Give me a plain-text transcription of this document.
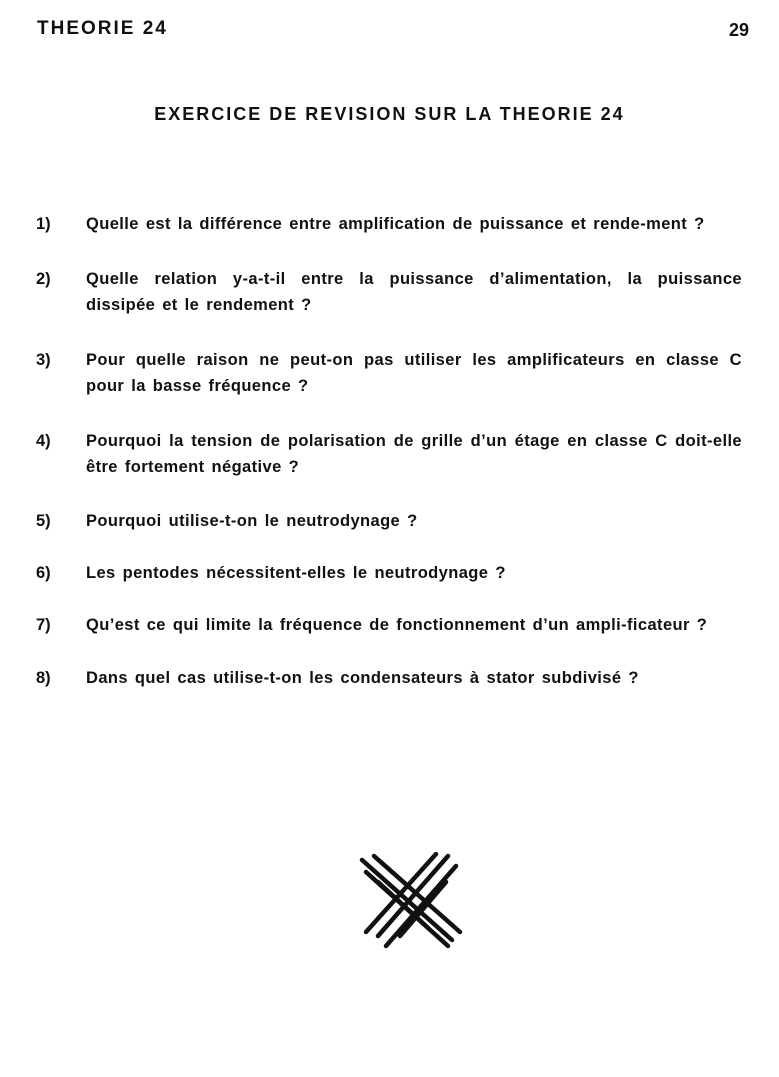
THEORIE 24	29
EXERCICE DE REVISION SUR LA THEORIE 24
1)	Quelle est la différence entre amplification de puissance et rende-ment ?
2)	Quelle relation y-a-t-il entre la puissance d’alimentation, la puissance dissipée et le rendement ?
3)	Pour quelle raison ne peut-on pas utiliser les amplificateurs en classe C pour la basse fréquence ?
4)	Pourquoi la tension de polarisation de grille d’un étage en classe C doit-elle être fortement négative ?
5)	Pourquoi utilise-t-on le neutrodynage ?
6)	Les pentodes nécessitent-elles le neutrodynage ?
7)	Qu’est ce qui limite la fréquence de fonctionnement d’un ampli-ficateur ?
8)	Dans quel cas utilise-t-on les condensateurs à stator subdivisé ?
